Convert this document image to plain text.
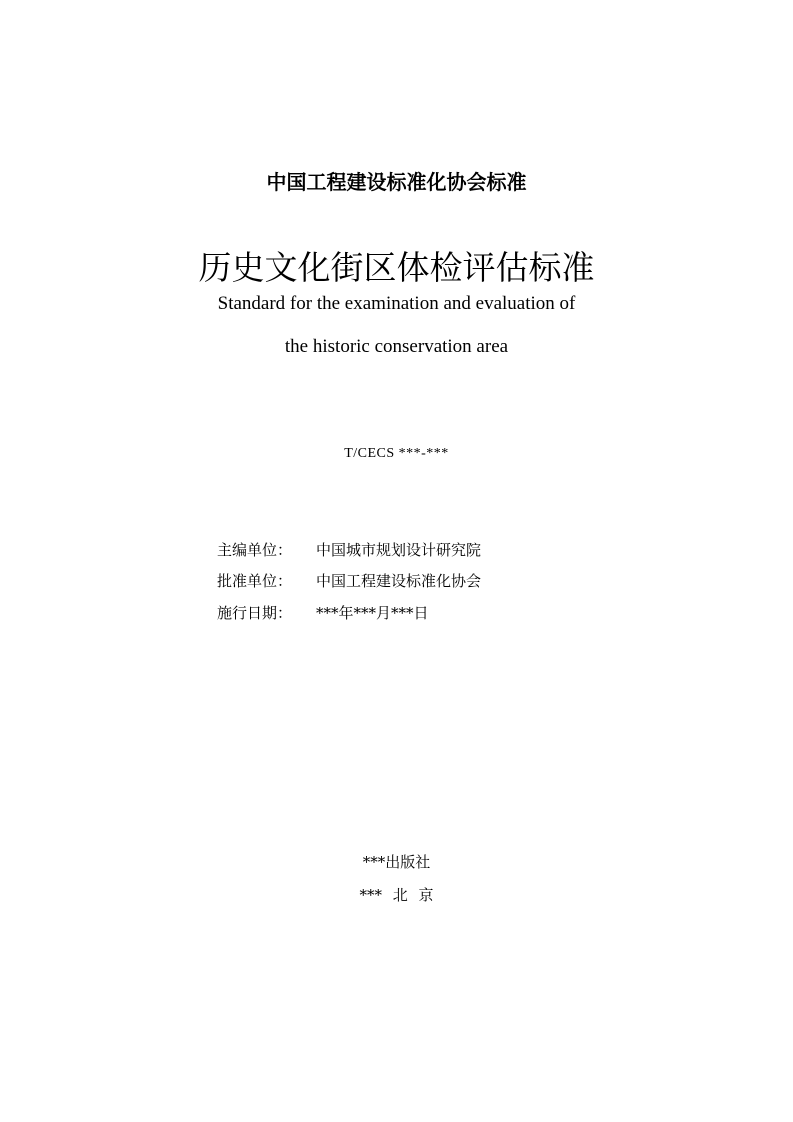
中国工程建设标准化协会标准
历史文化街区体检评估标准
Standard for the examination and evaluation of
the historic conservation area
T/CECS ***-***
主编单位： 中国城市规划设计研究院
批准单位： 中国工程建设标准化协会
施行日期： ***年***月***日
***出版社
*** 北 京
